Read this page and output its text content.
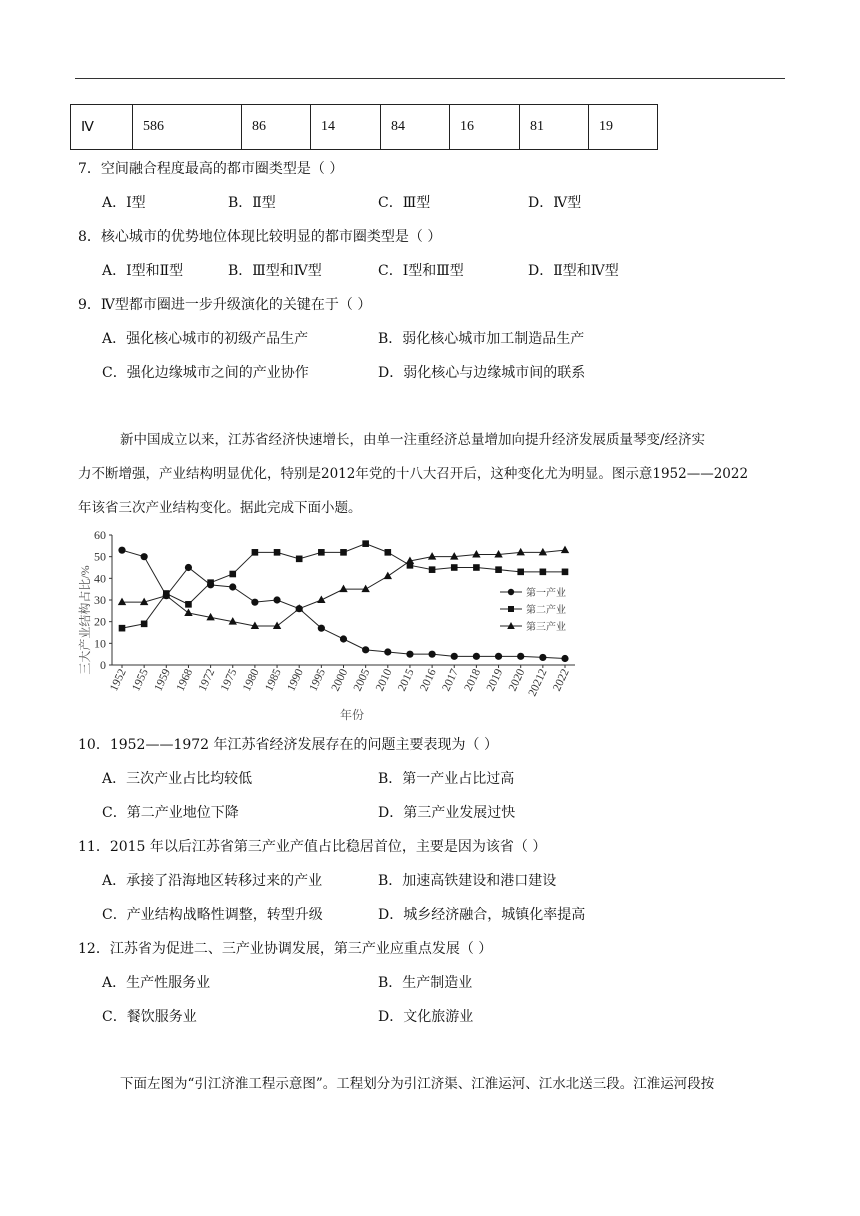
Ⅳ	586	86	14	84	16	81	19
7．空间融合程度最高的都市圈类型是（ ）
A．Ⅰ型	B．Ⅱ型	C．Ⅲ型	D．Ⅳ型
8．核心城市的优势地位体现比较明显的都市圈类型是（ ）
A．Ⅰ型和Ⅱ型	B．Ⅲ型和Ⅳ型	C．Ⅰ型和Ⅲ型	D．Ⅱ型和Ⅳ型
9．Ⅳ型都市圈进一步升级演化的关键在于（ ）
A．强化核心城市的初级产品生产	B．弱化核心城市加工制造品生产
C．强化边缘城市之间的产业协作	D．弱化核心与边缘城市间的联系
新中国成立以来，江苏省经济快速增长，由单一注重经济总量增加向提升经济发展质量琴变/经济实
力不断增强，产业结构明显优化，特别是2012年党的十八大召开后，这种变化尤为明显。图示意1952——2022
年该省三次产业结构变化。据此完成下面小题。
0
10
20
30
40
50
60
1952 1955 1959 1968 1972 1975 1980 1985 1990 1995 2000 2005 2010 2015 2016 2017 2018 2019 2020 20212 2022
第一产业
第二产业
第三产业
三大产业结构占比/%
年份
10．1952——1972 年江苏省经济发展存在的问题主要表现为（ ）
A．三次产业占比均较低	B．第一产业占比过高
C．第二产业地位下降	D．第三产业发展过快
11．2015 年以后江苏省第三产业产值占比稳居首位，主要是因为该省（ ）
A．承接了沿海地区转移过来的产业	B．加速高铁建设和港口建设
C．产业结构战略性调整，转型升级	D．城乡经济融合，城镇化率提高
12．江苏省为促进二、三产业协调发展，第三产业应重点发展（ ）
A．生产性服务业	B．生产制造业
C．餐饮服务业	D．文化旅游业
下面左图为“引江济淮工程示意图”。工程划分为引江济渠、江淮运河、江水北送三段。江淮运河段按
